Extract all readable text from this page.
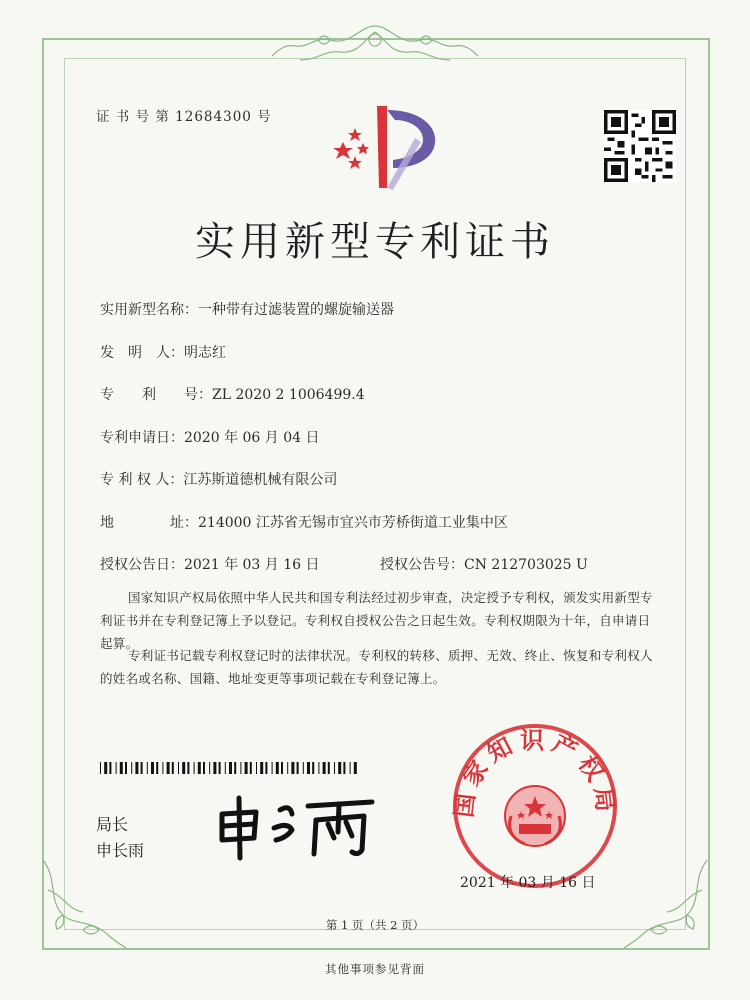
证 书 号 第 12684300 号
实用新型专利证书
实用新型名称：一种带有过滤装置的螺旋输送器
发　明　人：明志红
专　　利　　号：ZL 2020 2 1006499.4
专利申请日：2020 年 06 月 04 日
专 利 权 人：江苏斯道德机械有限公司
地　　　　址：214000 江苏省无锡市宜兴市芳桥街道工业集中区
授权公告日：2021 年 03 月 16 日	授权公告号：CN 212703025 U
国家知识产权局依照中华人民共和国专利法经过初步审查，决定授予专利权，颁发实用新型专利证书并在专利登记簿上予以登记。专利权自授权公告之日起生效。专利权期限为十年，自申请日起算。
专利证书记载专利权登记时的法律状况。专利权的转移、质押、无效、终止、恢复和专利权人的姓名或名称、国籍、地址变更等事项记载在专利登记簿上。
局长
申长雨
国家知识产权局
2021 年 03 月 16 日
第 1 页（共 2 页）
其他事项参见背面
